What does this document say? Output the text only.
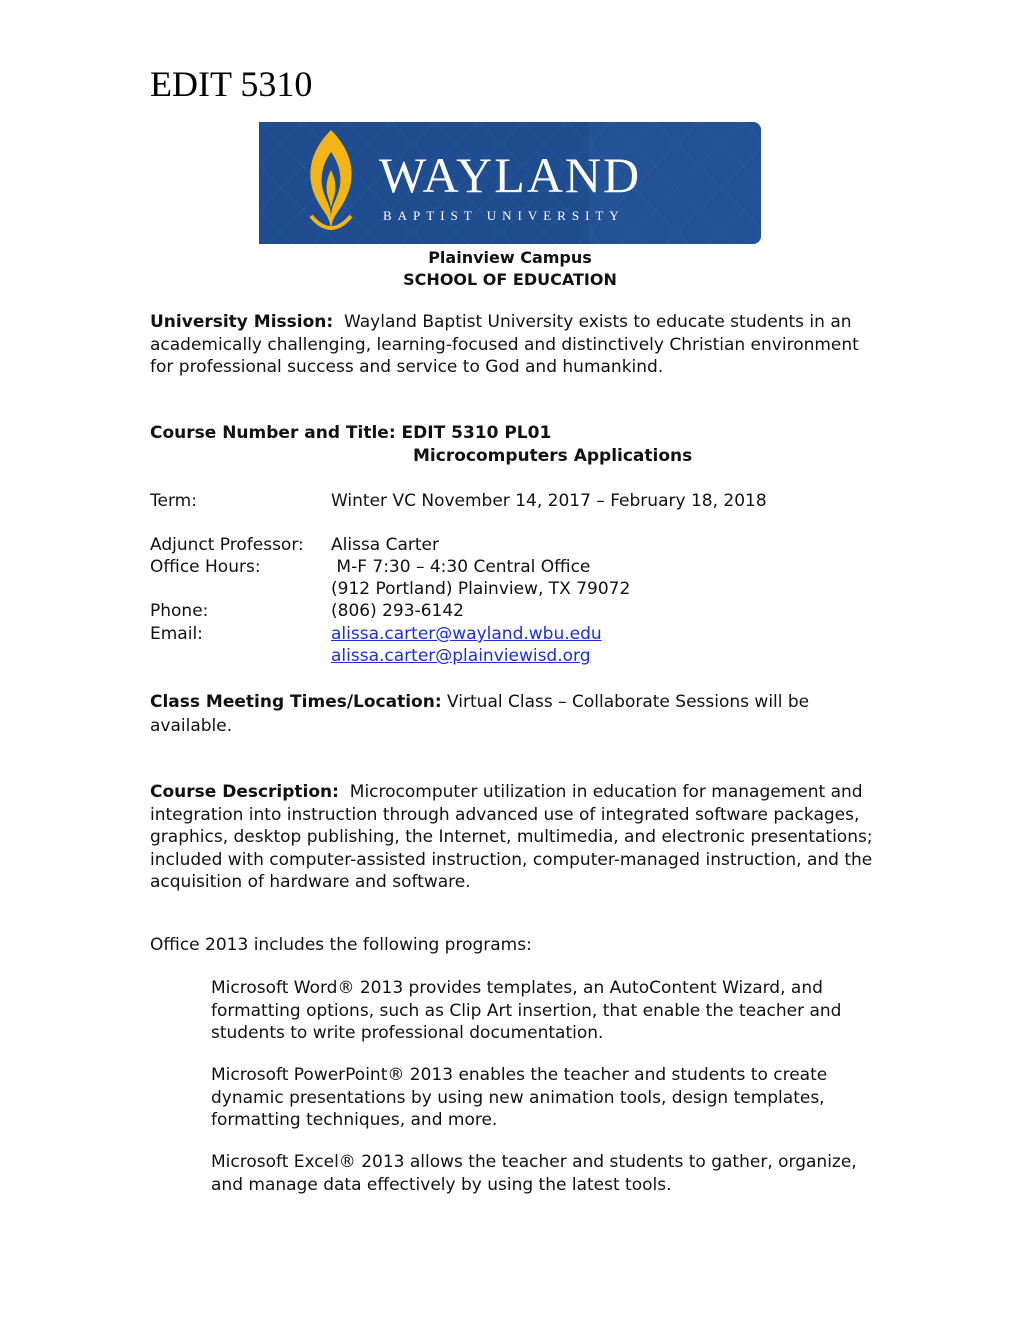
EDIT 5310
WAYLAND
BAPTIST UNIVERSITY
Plainview Campus
SCHOOL OF EDUCATION

University Mission: Wayland Baptist University exists to educate students in an academically challenging, learning-focused and distinctively Christian environment for professional success and service to God and humankind.

Course Number and Title: EDIT 5310 PL01
Microcomputers Applications
Term:	Winter VC November 14, 2017 – February 18, 2018
Adjunct Professor: Alissa Carter
Office Hours:	M-F 7:30 – 4:30 Central Office
(912 Portland) Plainview, TX 79072
Phone:	(806) 293-6142
Email:	alissa.carter@wayland.wbu.edu
alissa.carter@plainviewisd.org

Class Meeting Times/Location: Virtual Class – Collaborate Sessions will be available.

Course Description: Microcomputer utilization in education for management and integration into instruction through advanced use of integrated software packages, graphics, desktop publishing, the Internet, multimedia, and electronic presentations; included with computer-assisted instruction, computer-managed instruction, and the acquisition of hardware and software.

Office 2013 includes the following programs:

Microsoft Word® 2013 provides templates, an AutoContent Wizard, and formatting options, such as Clip Art insertion, that enable the teacher and students to write professional documentation.

Microsoft PowerPoint® 2013 enables the teacher and students to create dynamic presentations by using new animation tools, design templates, formatting techniques, and more.

Microsoft Excel® 2013 allows the teacher and students to gather, organize, and manage data effectively by using the latest tools.
